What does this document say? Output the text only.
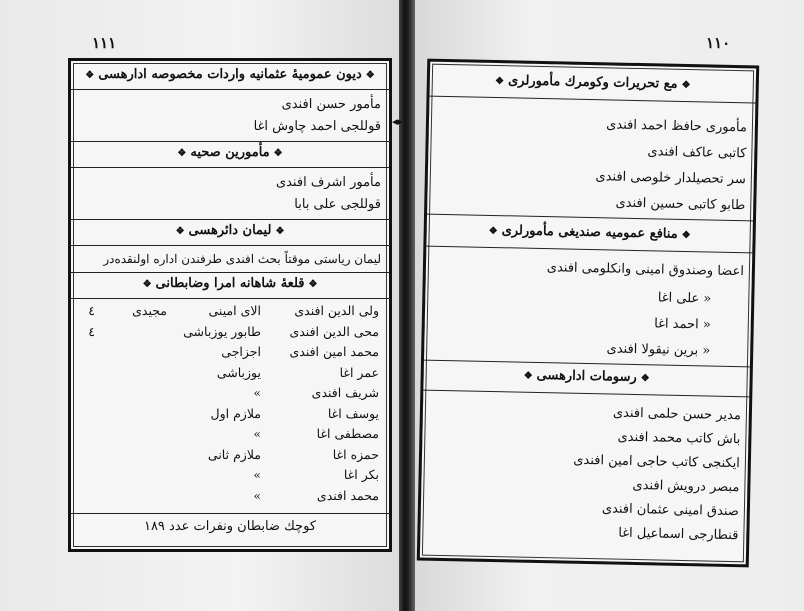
◂▸
١١١	١١٠
❖دیون عمومیهٔ عثمانیه واردات مخصوصه ادارهسی❖
مأمور حسن افندی
قوللجی احمد چاوش اغا
❖مأمورین صحیه❖
مأمور اشرف افندی
قوللجی علی بابا
❖لیمان دائرهسی❖
لیمان ریاستی موقتاً بحث افندی طرفندن اداره اولنقده‌در
❖قلعهٔ شاهانه امرا وضابطانی❖
ولی الدین افندی
الای امینی
مجیدی
٤
محی الدین افندی
طابور یوزباشی
٤
محمد امین افندی
اجزاجی
عمر اغا
یوزباشی
شریف افندی
»
یوسف اغا
ملازم اول
مصطفی اغا
»
حمزه اغا
ملازم ثانی
بکر اغا
»
محمد افندی
»
کوچك ضابطان ونفرات عدد ۱۸۹
❖مع تحریرات وکومرك مأمورلری❖
مأموری حافظ احمد افندی
کاتبی عاکف افندی
سر تحصیلدار خلوصی افندی
طابو کاتبی حسین افندی
❖منافع عمومیه صندیغی مأمورلری❖
اعضا وصندوق امینی وانکلومی افندی
« علی اغا
« احمد اغا
« برین نیقولا افندی
❖رسومات ادارهسی❖
مدیر حسن حلمی افندی
باش کاتب محمد افندی
ایکنجی کاتب حاجی امین افندی
مبصر درویش افندی
صندق امینی عثمان افندی
قنطارجی اسماعیل اغا
